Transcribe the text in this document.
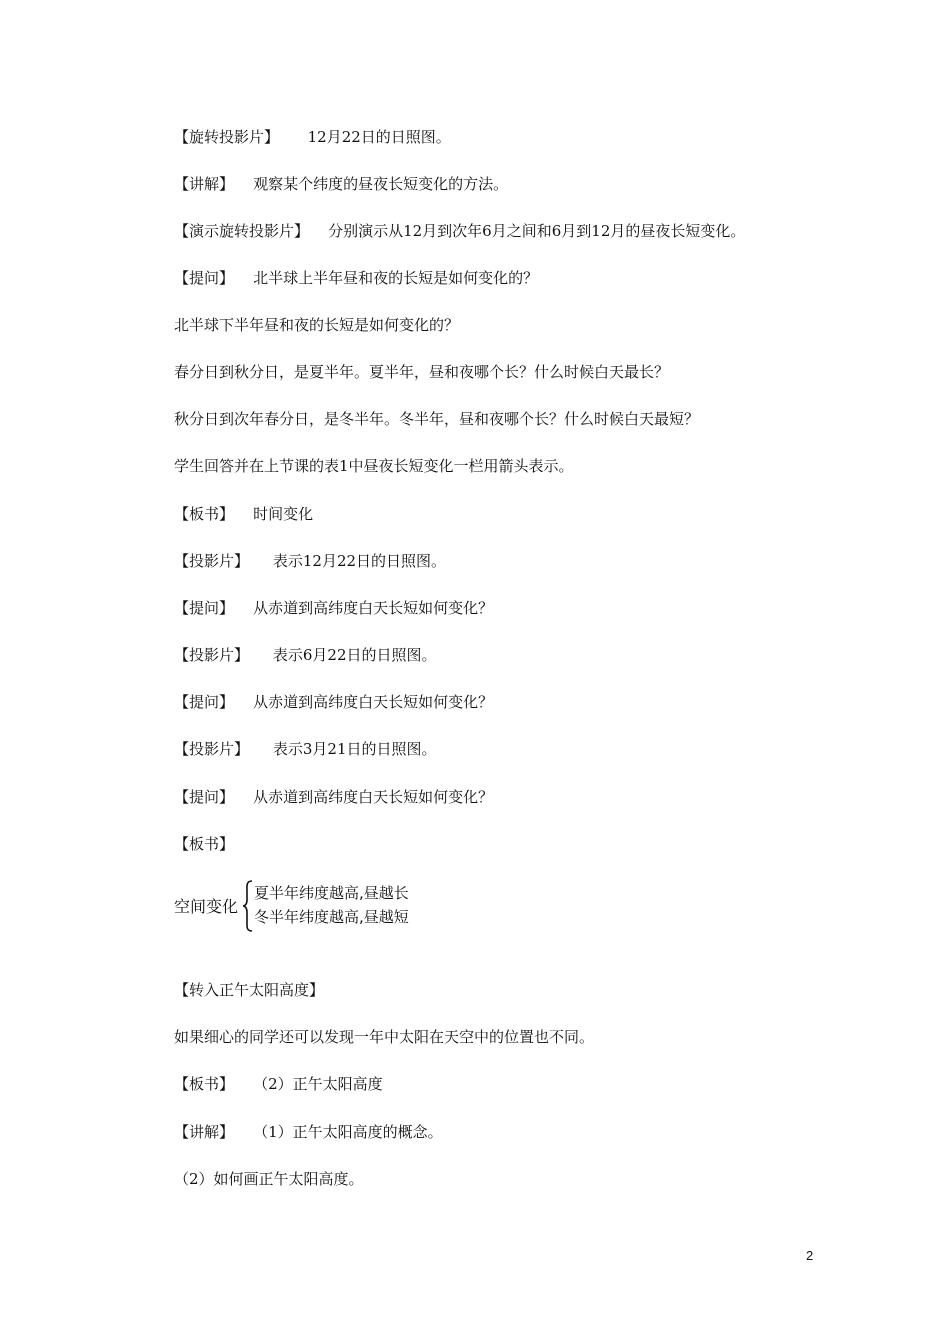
【旋转投影片】 12月22日的日照图。
【讲解】 观察某个纬度的昼夜长短变化的方法。
【演示旋转投影片】 分别演示从12月到次年6月之间和6月到12月的昼夜长短变化。
【提问】 北半球上半年昼和夜的长短是如何变化的？
北半球下半年昼和夜的长短是如何变化的？
春分日到秋分日，是夏半年。夏半年，昼和夜哪个长？什么时候白天最长？
秋分日到次年春分日，是冬半年。冬半年，昼和夜哪个长？什么时候白天最短？
学生回答并在上节课的表1中昼夜长短变化一栏用箭头表示。
【板书】 时间变化
【投影片】 表示12月22日的日照图。
【提问】 从赤道到高纬度白天长短如何变化？
【投影片】 表示6月22日的日照图。
【提问】 从赤道到高纬度白天长短如何变化？
【投影片】 表示3月21日的日照图。
【提问】 从赤道到高纬度白天长短如何变化？
【板书】
空间变化
夏半年纬度越高,昼越长
冬半年纬度越高,昼越短
【转入正午太阳高度】
如果细心的同学还可以发现一年中太阳在天空中的位置也不同。
【板书】 （2）正午太阳高度
【讲解】 （1）正午太阳高度的概念。
（2）如何画正午太阳高度。
2
